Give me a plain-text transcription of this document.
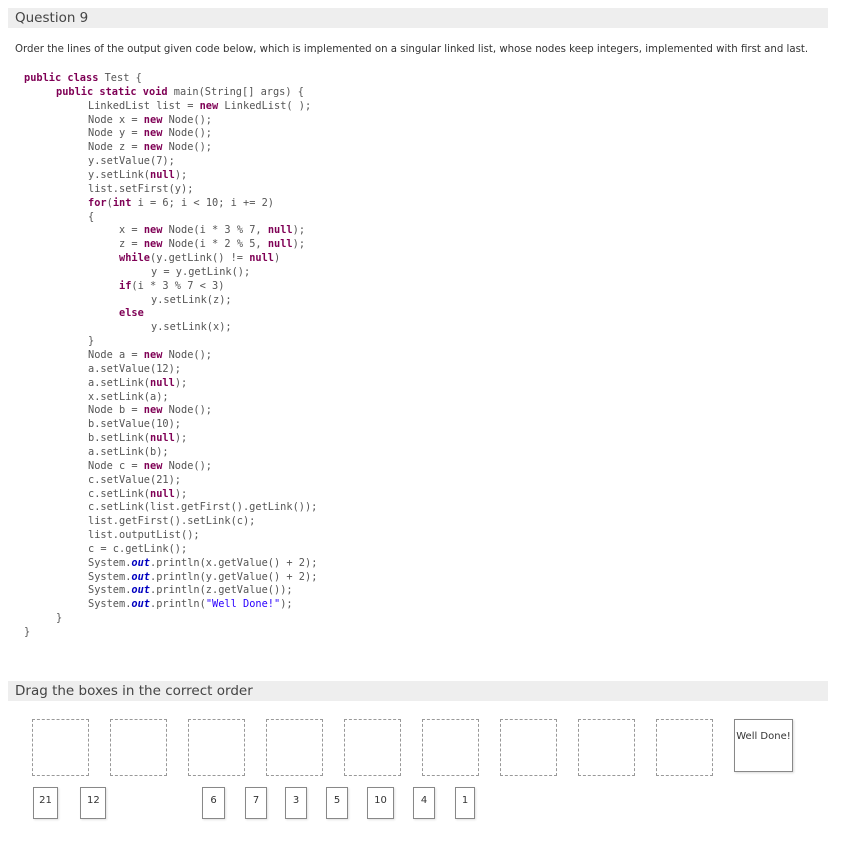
Question 9
Order the lines of the output given code below, which is implemented on a singular linked list, whose nodes keep integers, implemented with first and last.
public class Test {
public static void main(String[] args) {
LinkedList list = new LinkedList( );
Node x = new Node();
Node y = new Node();
Node z = new Node();
y.setValue(7);
y.setLink(null);
list.setFirst(y);
for(int i = 6; i < 10; i += 2)
{
x = new Node(i * 3 % 7, null);
z = new Node(i * 2 % 5, null);
while(y.getLink() != null)
y = y.getLink();
if(i * 3 % 7 < 3)
y.setLink(z);
else
y.setLink(x);
}
Node a = new Node();
a.setValue(12);
a.setLink(null);
x.setLink(a);
Node b = new Node();
b.setValue(10);
b.setLink(null);
a.setLink(b);
Node c = new Node();
c.setValue(21);
c.setLink(null);
c.setLink(list.getFirst().getLink());
list.getFirst().setLink(c);
list.outputList();
c = c.getLink();
System.out.println(x.getValue() + 2);
System.out.println(y.getValue() + 2);
System.out.println(z.getValue());
System.out.println("Well Done!");
}
}
Drag the boxes in the correct order
Well Done!
21	12	6	7	3	5	10	4	1
